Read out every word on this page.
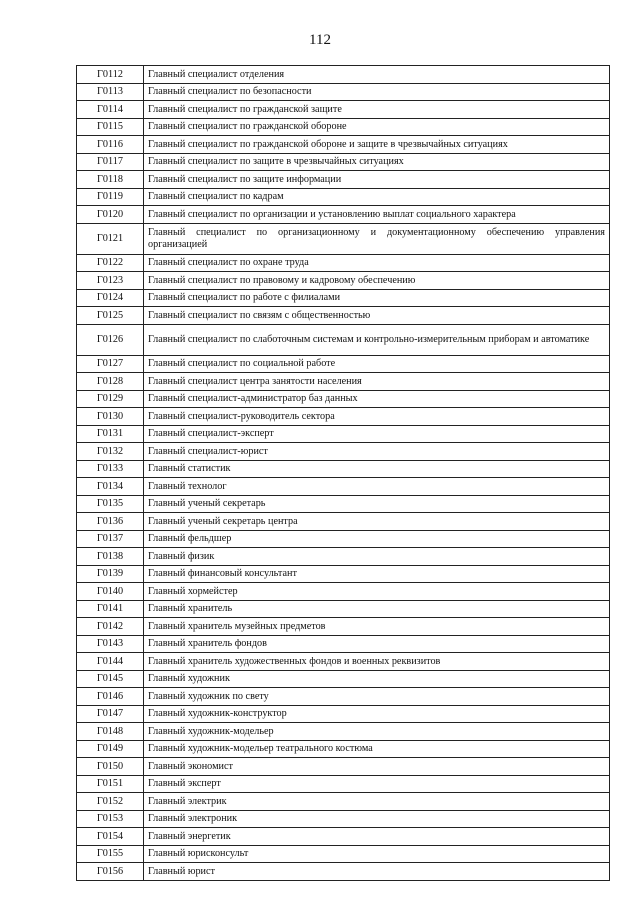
112
Г0112	Главный специалист отделения
Г0113	Главный специалист по безопасности
Г0114	Главный специалист по гражданской защите
Г0115	Главный специалист по гражданской обороне
Г0116	Главный специалист по гражданской обороне и защите в чрезвычайных ситуациях
Г0117	Главный специалист по защите в чрезвычайных ситуациях
Г0118	Главный специалист по защите информации
Г0119	Главный специалист по кадрам
Г0120	Главный специалист по организации и установлению выплат социального характера
Г0121	Главный специалист по организационному и документационному обеспечению управления организацией
Г0122	Главный специалист по охране труда
Г0123	Главный специалист по правовому и кадровому обеспечению
Г0124	Главный специалист по работе с филиалами
Г0125	Главный специалист по связям с общественностью
Г0126	Главный специалист по слаботочным системам и контрольно-измерительным приборам и автоматике
Г0127	Главный специалист по социальной работе
Г0128	Главный специалист центра занятости населения
Г0129	Главный специалист-администратор баз данных
Г0130	Главный специалист-руководитель сектора
Г0131	Главный специалист-эксперт
Г0132	Главный специалист-юрист
Г0133	Главный статистик
Г0134	Главный технолог
Г0135	Главный ученый секретарь
Г0136	Главный ученый секретарь центра
Г0137	Главный фельдшер
Г0138	Главный физик
Г0139	Главный финансовый консультант
Г0140	Главный хормейстер
Г0141	Главный хранитель
Г0142	Главный хранитель музейных предметов
Г0143	Главный хранитель фондов
Г0144	Главный хранитель художественных фондов и военных реквизитов
Г0145	Главный художник
Г0146	Главный художник по свету
Г0147	Главный художник-конструктор
Г0148	Главный художник-модельер
Г0149	Главный художник-модельер театрального костюма
Г0150	Главный экономист
Г0151	Главный эксперт
Г0152	Главный электрик
Г0153	Главный электроник
Г0154	Главный энергетик
Г0155	Главный юрисконсульт
Г0156	Главный юрист
